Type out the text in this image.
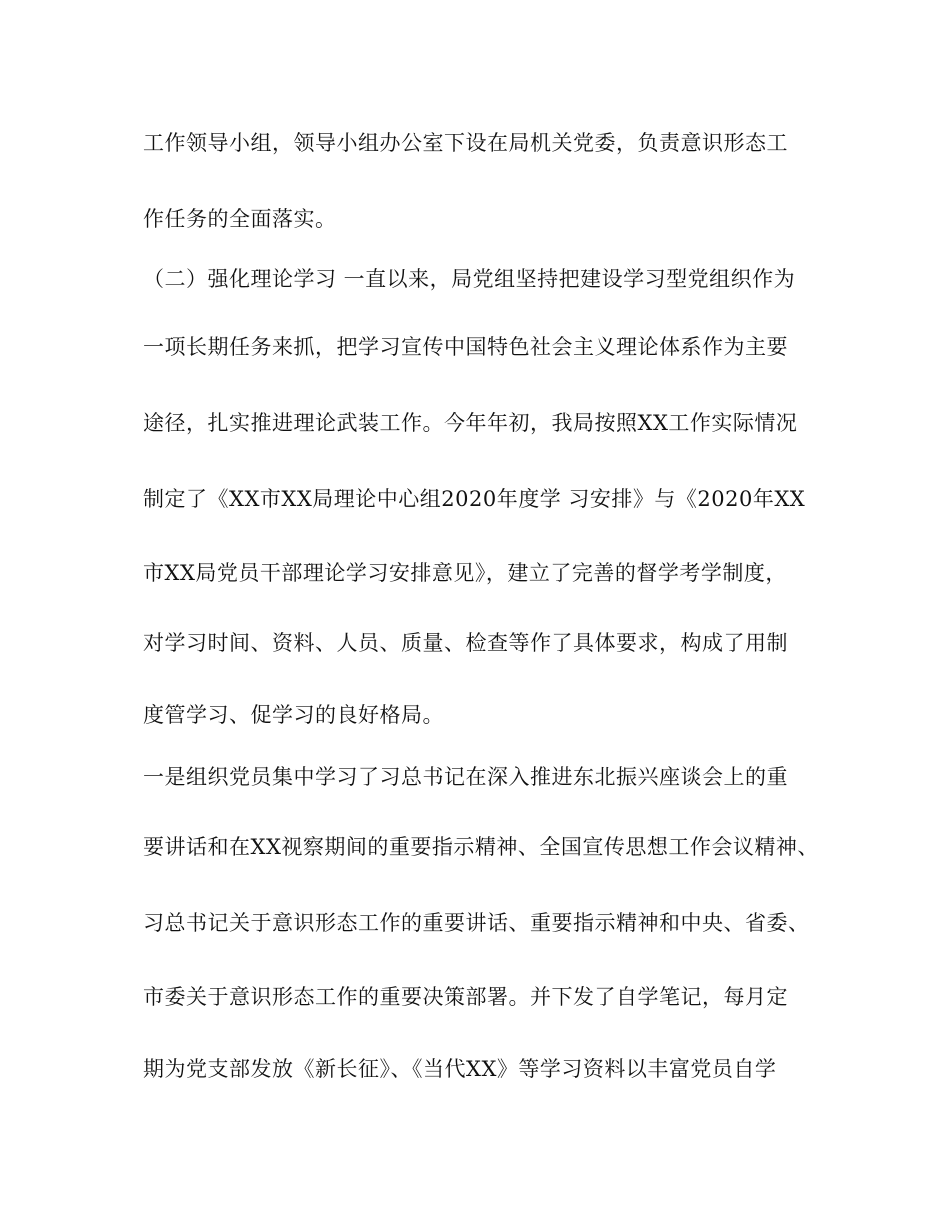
工作领导小组，领导小组办公室下设在局机关党委，负责意识形态工
作任务的全面落实。
（二）强化理论学习 一直以来，局党组坚持把建设学习型党组织作为
一项长期任务来抓，把学习宣传中国特色社会主义理论体系作为主要
途径，扎实推进理论武装工作。今年年初，我局按照XX工作实际情况
制定了《XX市XX局理论中心组2020年度学 习安排》与《2020年XX
市XX局党员干部理论学习安排意见》，建立了完善的督学考学制度，
对学习时间、资料、人员、质量、检查等作了具体要求，构成了用制
度管学习、促学习的良好格局。
一是组织党员集中学习了习总书记在深入推进东北振兴座谈会上的重
要讲话和在XX视察期间的重要指示精神、全国宣传思想工作会议精神、
习总书记关于意识形态工作的重要讲话、重要指示精神和中央、省委、
市委关于意识形态工作的重要决策部署。并下发了自学笔记，每月定
期为党支部发放《新长征》、《当代XX》等学习资料以丰富党员自学
